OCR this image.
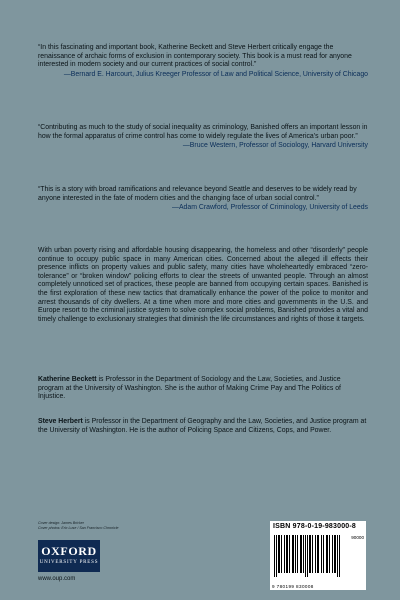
“In this fascinating and important book, Katherine Beckett and Steve Herbert critically engage the renaissance of archaic forms of exclusion in contemporary society. This book is a must read for anyone interested in modern society and our current practices of social control.”

—Bernard E. Harcourt, Julius Kreeger Professor of Law and Political Science, University of Chicago

“Contributing as much to the study of social inequality as criminology, Banished offers an important lesson in how the formal apparatus of crime control has come to widely regulate the lives of America’s urban poor.”

—Bruce Western, Professor of Sociology, Harvard University

“This is a story with broad ramifications and relevance beyond Seattle and deserves to be widely read by anyone interested in the fate of modern cities and the changing face of urban social control.”

—Adam Crawford, Professor of Criminology, University of Leeds

With urban poverty rising and affordable housing disappearing, the homeless and other “disorderly” people continue to occupy public space in many American cities. Concerned about the alleged ill effects their presence inflicts on property values and public safety, many cities have wholeheartedly embraced “zero-tolerance” or “broken window” policing efforts to clear the streets of unwanted people. Through an almost completely unnoticed set of practices, these people are banned from occupying certain spaces. Banished is the first exploration of these new tactics that dramatically enhance the power of the police to monitor and arrest thousands of city dwellers. At a time when more and more cities and governments in the U.S. and Europe resort to the criminal justice system to solve complex social problems, Banished provides a vital and timely challenge to exclusionary strategies that diminish the life circumstances and rights of those it targets.

Katherine Beckett is Professor in the Department of Sociology and the Law, Societies, and Justice program at the University of Washington. She is the author of Making Crime Pay and The Politics of Injustice.

Steve Herbert is Professor in the Department of Geography and the Law, Societies, and Justice program at the University of Washington. He is the author of Policing Space and Citizens, Cops, and Power.

Cover design: James Bricker
Cover photos: Eric Luse / San Francisco Chronicle
OXFORD
UNIVERSITY PRESS
www.oup.com
ISBN 978-0-19-983000-8
90000
9 780199 830008
